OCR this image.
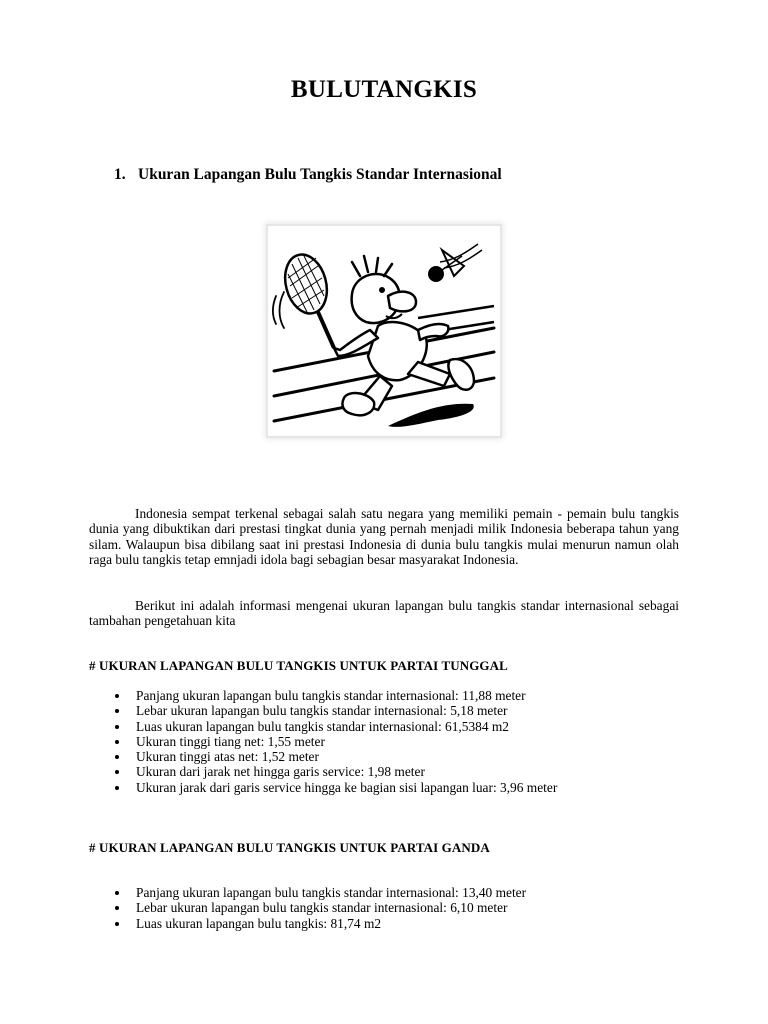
BULUTANGKIS
1. Ukuran Lapangan Bulu Tangkis Standar Internasional

Indonesia sempat terkenal sebagai salah satu negara yang memiliki pemain - pemain bulu tangkis dunia yang dibuktikan dari prestasi tingkat dunia yang pernah menjadi milik Indonesia beberapa tahun yang silam. Walaupun bisa dibilang saat ini prestasi Indonesia di dunia bulu tangkis mulai menurun namun olah raga bulu tangkis tetap emnjadi idola bagi sebagian besar masyarakat Indonesia.

Berikut ini adalah informasi mengenai ukuran lapangan bulu tangkis standar internasional sebagai tambahan pengetahuan kita

# UKURAN LAPANGAN BULU TANGKIS UNTUK PARTAI TUNGGAL
Panjang ukuran lapangan bulu tangkis standar internasional: 11,88 meter
Lebar ukuran lapangan bulu tangkis standar internasional: 5,18 meter
Luas ukuran lapangan bulu tangkis standar internasional: 61,5384 m2
Ukuran tinggi tiang net: 1,55 meter
Ukuran tinggi atas net: 1,52 meter
Ukuran dari jarak net hingga garis service: 1,98 meter
Ukuran jarak dari garis service hingga ke bagian sisi lapangan luar: 3,96 meter
# UKURAN LAPANGAN BULU TANGKIS UNTUK PARTAI GANDA
Panjang ukuran lapangan bulu tangkis standar internasional: 13,40 meter
Lebar ukuran lapangan bulu tangkis standar internasional: 6,10 meter
Luas ukuran lapangan bulu tangkis: 81,74 m2
